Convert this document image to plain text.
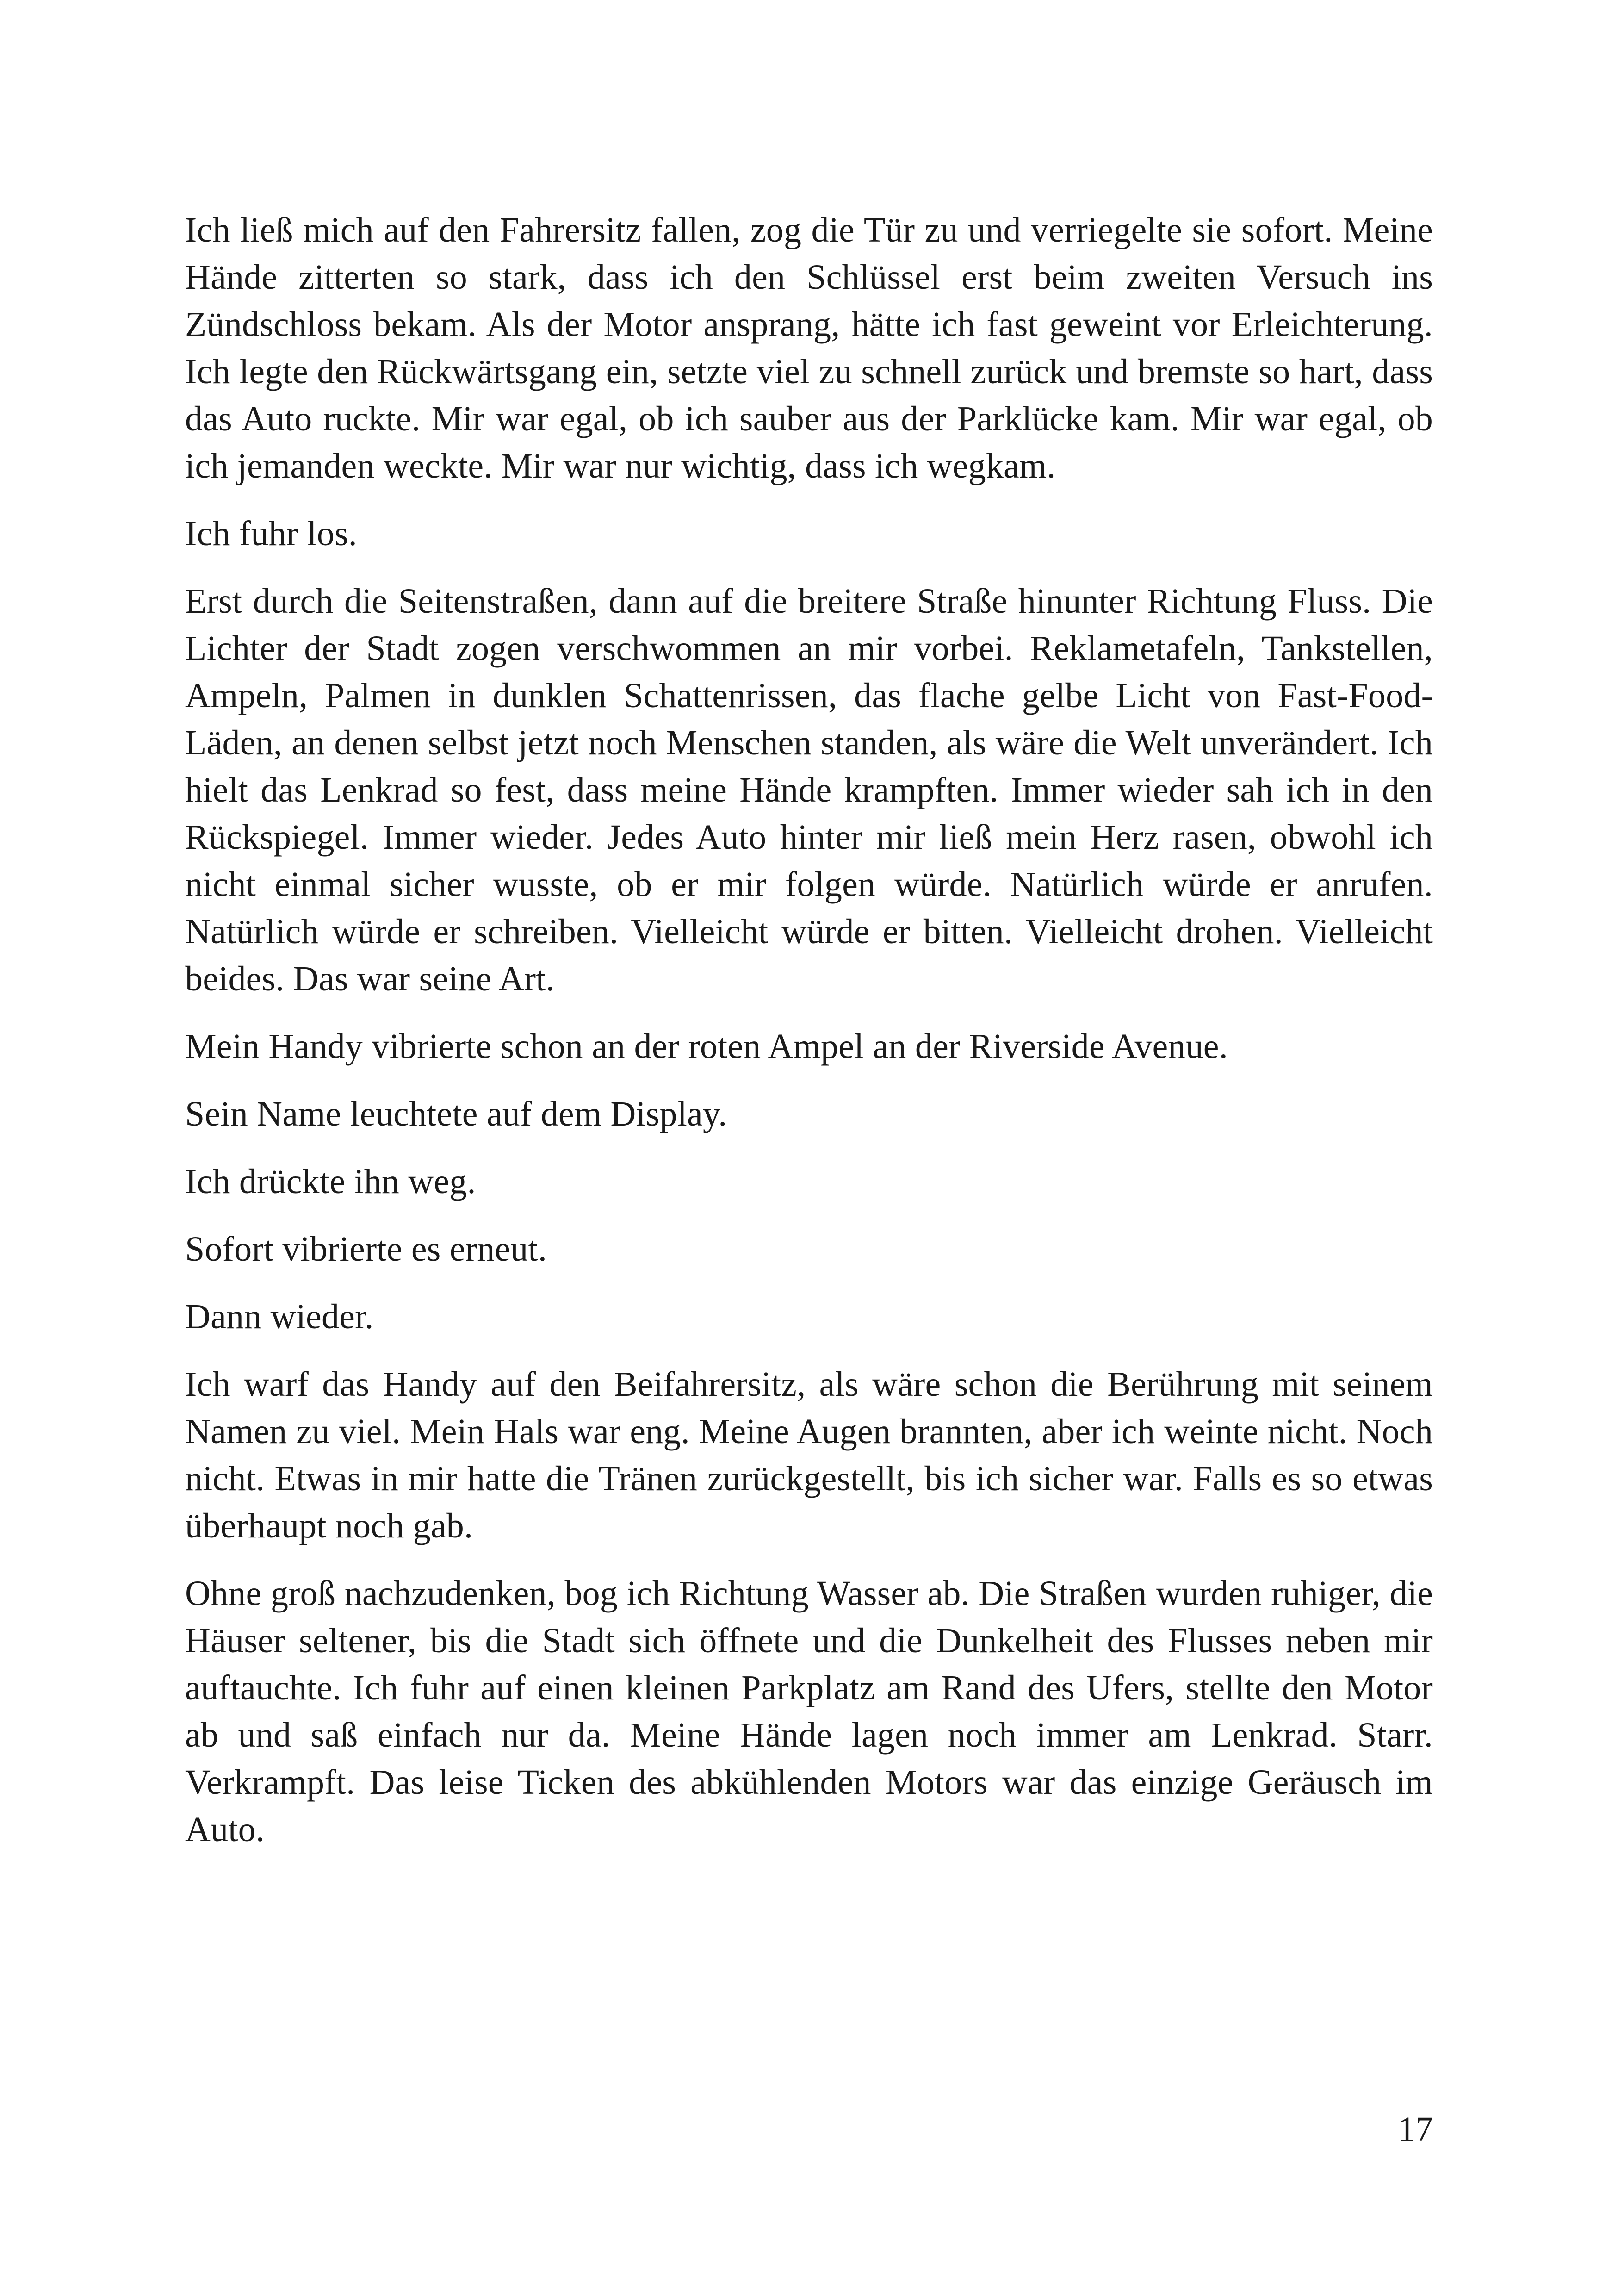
Ich ließ mich auf den Fahrersitz fallen, zog die Tür zu und verriegelte sie sofort. Meine Hände zitterten so stark, dass ich den Schlüssel erst beim zweiten Versuch ins Zündschloss bekam. Als der Motor ansprang, hätte ich fast geweint vor Erleichterung. Ich legte den Rückwärtsgang ein, setzte viel zu schnell zurück und bremste so hart, dass das Auto ruckte. Mir war egal, ob ich sauber aus der Parklücke kam. Mir war egal, ob ich jemanden weckte. Mir war nur wichtig, dass ich wegkam.

Ich fuhr los.

Erst durch die Seitenstraßen, dann auf die breitere Straße hinunter Richtung Fluss. Die Lichter der Stadt zogen verschwommen an mir vorbei. Reklametafeln, Tankstellen, Ampeln, Palmen in dunklen Schattenrissen, das flache gelbe Licht von Fast-Food-Läden, an denen selbst jetzt noch Menschen standen, als wäre die Welt unverändert. Ich hielt das Lenkrad so fest, dass meine Hände krampften. Immer wieder sah ich in den Rückspiegel. Immer wieder. Jedes Auto hinter mir ließ mein Herz rasen, obwohl ich nicht einmal sicher wusste, ob er mir folgen würde. Natürlich würde er anrufen. Natürlich würde er schreiben. Vielleicht würde er bitten. Vielleicht drohen. Vielleicht beides. Das war seine Art.

Mein Handy vibrierte schon an der roten Ampel an der Riverside Avenue.

Sein Name leuchtete auf dem Display.

Ich drückte ihn weg.

Sofort vibrierte es erneut.

Dann wieder.

Ich warf das Handy auf den Beifahrersitz, als wäre schon die Berührung mit seinem Namen zu viel. Mein Hals war eng. Meine Augen brannten, aber ich weinte nicht. Noch nicht. Etwas in mir hatte die Tränen zurückgestellt, bis ich sicher war. Falls es so etwas überhaupt noch gab.

Ohne groß nachzudenken, bog ich Richtung Wasser ab. Die Straßen wurden ruhiger, die Häuser seltener, bis die Stadt sich öffnete und die Dunkelheit des Flusses neben mir auftauchte. Ich fuhr auf einen kleinen Parkplatz am Rand des Ufers, stellte den Motor ab und saß einfach nur da. Meine Hände lagen noch immer am Lenkrad. Starr. Verkrampft. Das leise Ticken des abkühlenden Motors war das einzige Geräusch im Auto.

17
